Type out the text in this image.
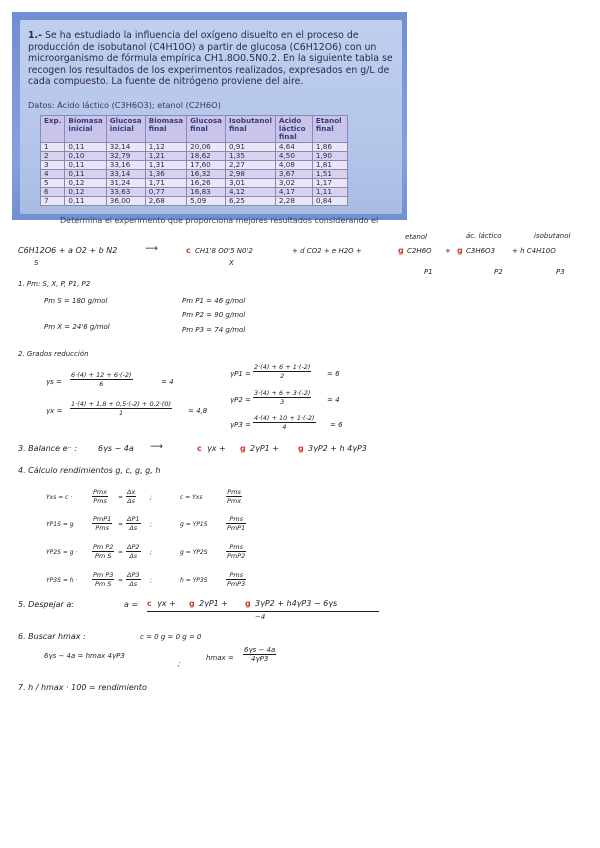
1.- Se ha estudiado la influencia del oxígeno disuelto en el proceso de producción de isobutanol (C4H10O) a partir de glucosa (C6H12O6) con un microorganismo de fórmula empírica CH1.8O0.5N0.2. En la siguiente tabla se recogen los resultados de los experimentos realizados, expresados en g/L de cada compuesto. La fuente de nitrógeno proviene del aire.
Datos: Ácido láctico (C3H6O3); etanol (C2H6O)
Exp.	Biomasa inicial	Glucosa inicial	Biomasa final	Glucosa final	Isobutanol final	Ácido láctico final	Etanol final
1	0,11	32,14	1,12	20,06	0,91	4,64	1,86
2	0,10	32,79	1,21	18,62	1,35	4,50	1,90
3	0,11	33,16	1,31	17,60	2,27	4,08	1,81
4	0,11	33,14	1,36	16,32	2,98	3,67	1,51
5	0,12	31,24	1,71	16,26	3,01	3,02	1,17
6	0,12	33,63	0,77	16,83	4,12	4,17	1,11
7	0,11	36,00	2,68	5,09	6,25	2,28	0,84
Determina el experimento que proporciona mejores resultados considerando el
etanol	ác. láctico	isobutanol
C6H12O6 + a O2 + b N2	⟶	c CH1'8 O0'5 N0'2	+ d CO2 + e H2O +	g C2H6O + g C3H6O3 + h C4H10O
S	X
P1	P2	P3
1. Pm: S, X, P, P1, P2
Pm S = 180 g/mol
Pm X = 24'6 g/mol
Pm P1 = 46 g/mol
Pm P2 = 90 g/mol
Pm P3 = 74 g/mol
2. Grados reducción
$\gamma s = \frac{6\cdot(4) + 12 + 6\cdot(-2)}{6}$	= 4
$\gamma x = \frac{1\cdot(4) + 1,8 + 0,5\cdot(-2) + 0,2\cdot(0)}{1} = 4,8$
$\gamma P1 = \frac{2\cdot(4) + 6 + 1\cdot(-2)}{2} = 6$
$\gamma P2 = \frac{3\cdot(4) + 6 + 3\cdot(-2)}{3} = 4$
$\gamma P3 = \frac{4\cdot(4) + 10 + 1\cdot(-2)}{4} = 6$
3. Balance e⁻ :	6γs − 4a ⟶	c γx + g 2γP1 + g 3γP2 + h 4γP3
4. Cálculo rendimientos g, c, g, g, h
Yxs = c ·
Pmx
Pms = $\frac{\Delta x}{\Delta s}$ ;	c = Yxs
Pms
Pmx
YP1S = g
PmP1
Pms	= $\frac{\Delta P1}{\Delta s}$ ;	g = YP1S
Pms
PmP1
$YP2S = g \cdot \frac{\text{Pm P2}}{\text{Pm S}} = \frac{\Delta P2}{\Delta s}$ ;	g = YP2S
Pms
PmP2
$YP3S = h \cdot \frac{\text{Pm P3}}{\text{Pm S}} = \frac{\Delta P3}{\Delta s}$ ;	h = YP3S
Pms
PmP3
5. Despejar a:	a = c γx + g 2γP1 + g 3γP2 + h4γP3 − 6γs
−4
6. Buscar hmax :	c = 0 g = 0 g = 0
6γs − 4a = hmax 4γP3
;
$hmax = \frac{6\gamma s - 4a}{4\gamma P3}$
7. h / hmax · 100 = rendimiento
